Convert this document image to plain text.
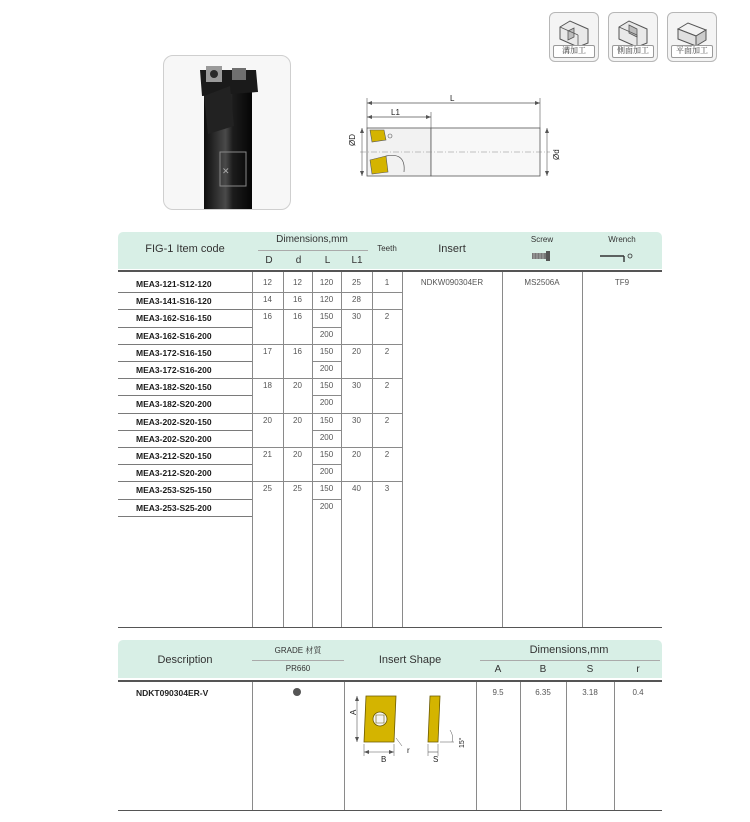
溝加工	側面加工	平面加工
✕
L
L1
ØD
Ød
FIG-1 Item code
Dimensions,mm
D	d	L	L1
Teeth	Insert
Screw	Wrench
MEA3-121-S12-120	12	12	120	25	1
MEA3-141-S16-120	14	16	120	28
MEA3-162-S16-150	16	16	150	30	2
MEA3-162-S16-200	200
MEA3-172-S16-150	17	16	150	20	2
MEA3-172-S16-200	200
MEA3-182-S20-150	18	20	150	30	2
MEA3-182-S20-200	200
MEA3-202-S20-150	20	20	150	30	2
MEA3-202-S20-200	200
MEA3-212-S20-150	21	20	150	20	2
MEA3-212-S20-200	200
MEA3-253-S25-150	25	25	150	40	3
MEA3-253-S25-200	200
NDKW090304ER	MS2506A	TF9
Description
GRADE 材質
PR660
Insert Shape
Dimensions,mm
A	B	S	r
NDKT090304ER-V
A
B
r
S
15°
9.5	6.35	3.18	0.4
